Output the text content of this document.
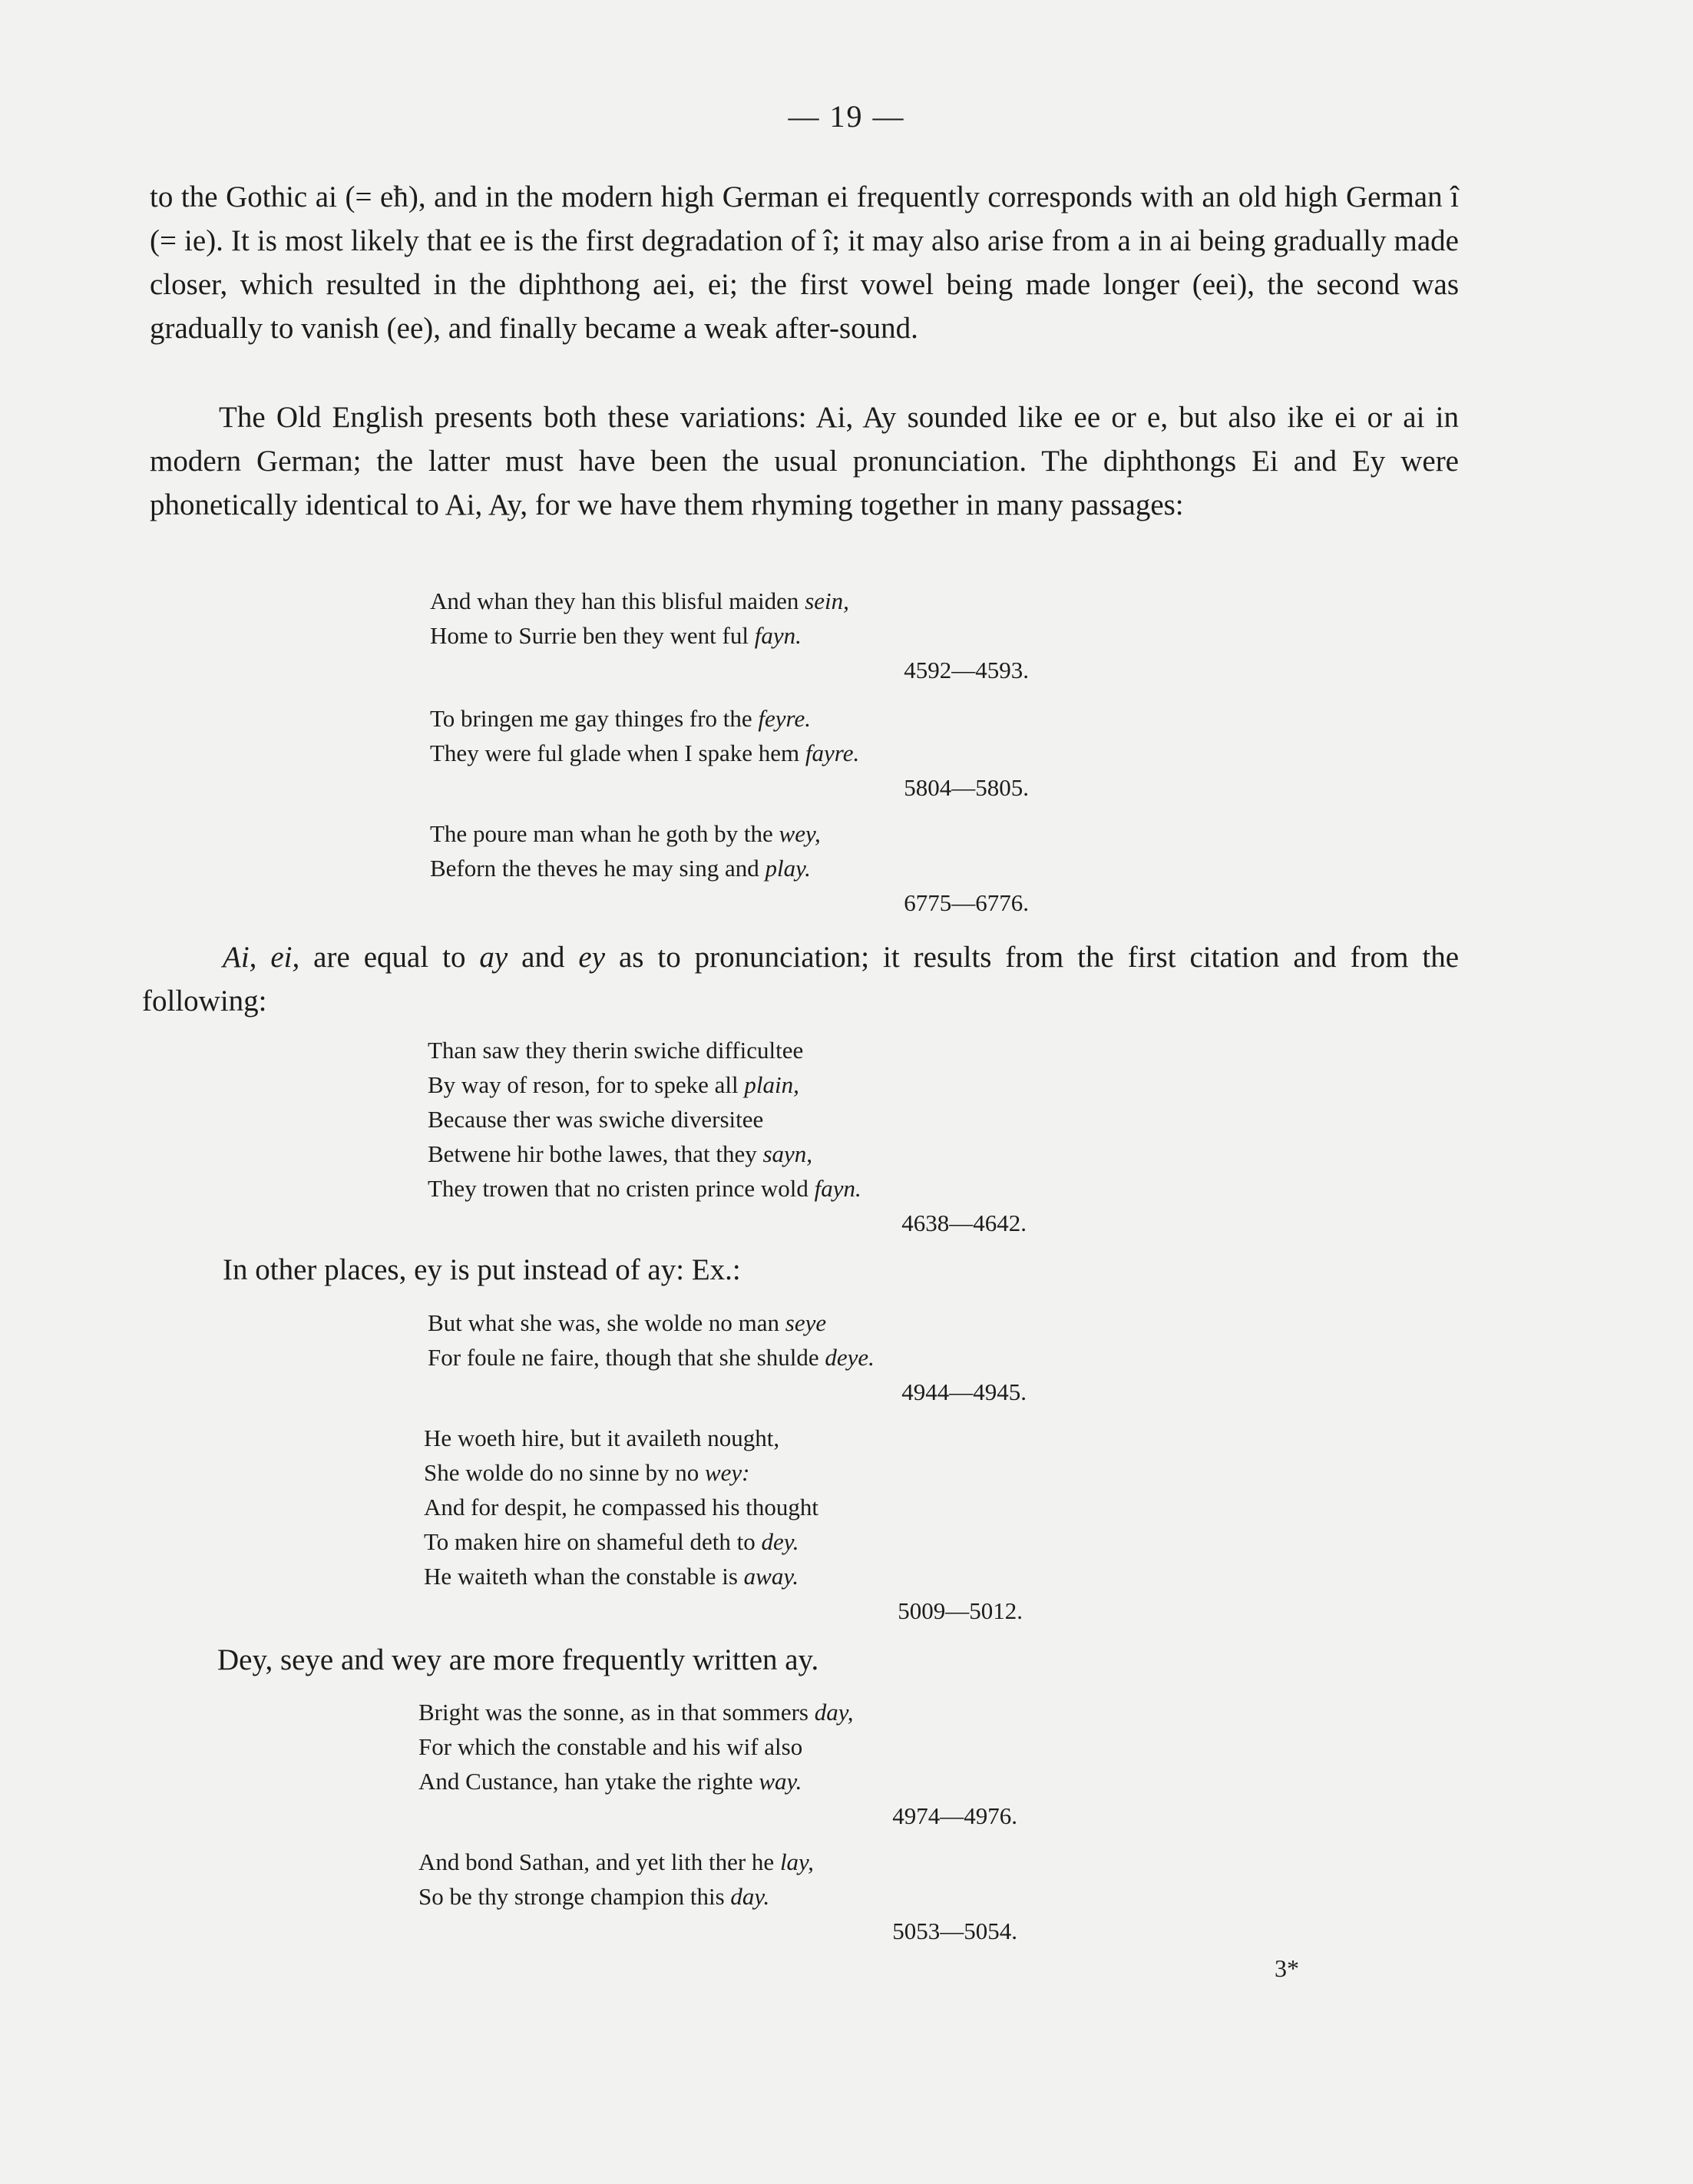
— 19 —

to the Gothic ai (= eħ), and in the modern high German ei frequently corresponds with an old high German î (= ie). It is most likely that ee is the first degradation of î; it may also arise from a in ai being gradually made closer, which resulted in the diphthong aei, ei; the first vowel being made longer (eei), the second was gradually to vanish (ee), and finally became a weak after-sound.

The Old English presents both these variations: Ai, Ay sounded like ee or e, but also ike ei or ai in modern German; the latter must have been the usual pronunciation. The diphthongs Ei and Ey were phonetically identical to Ai, Ay, for we have them rhyming together in many passages:

And whan they han this blisful maiden sein,
Home to Surrie ben they went ful fayn.
4592—4593.
To bringen me gay thinges fro the feyre.
They were ful glade when I spake hem fayre.
5804—5805.
The poure man whan he goth by the wey,
Beforn the theves he may sing and play.
6775—6776.

Ai, ei, are equal to ay and ey as to pronunciation; it results from the first citation and from the following:

Than saw they therin swiche difficultee
By way of reson, for to speke all plain,
Because ther was swiche diversitee
Betwene hir bothe lawes, that they sayn,
They trowen that no cristen prince wold fayn.
4638—4642.
In other places, ey is put instead of ay: Ex.:
But what she was, she wolde no man seye
For foule ne faire, though that she shulde deye.
4944—4945.
He woeth hire, but it availeth nought,
She wolde do no sinne by no wey:
And for despit, he compassed his thought
To maken hire on shameful deth to dey.
He waiteth whan the constable is away.
5009—5012.
Dey, seye and wey are more frequently written ay.
Bright was the sonne, as in that sommers day,
For which the constable and his wif also
And Custance, han ytake the righte way.
4974—4976.
And bond Sathan, and yet lith ther he lay,
So be thy stronge champion this day.
5053—5054.
3*
